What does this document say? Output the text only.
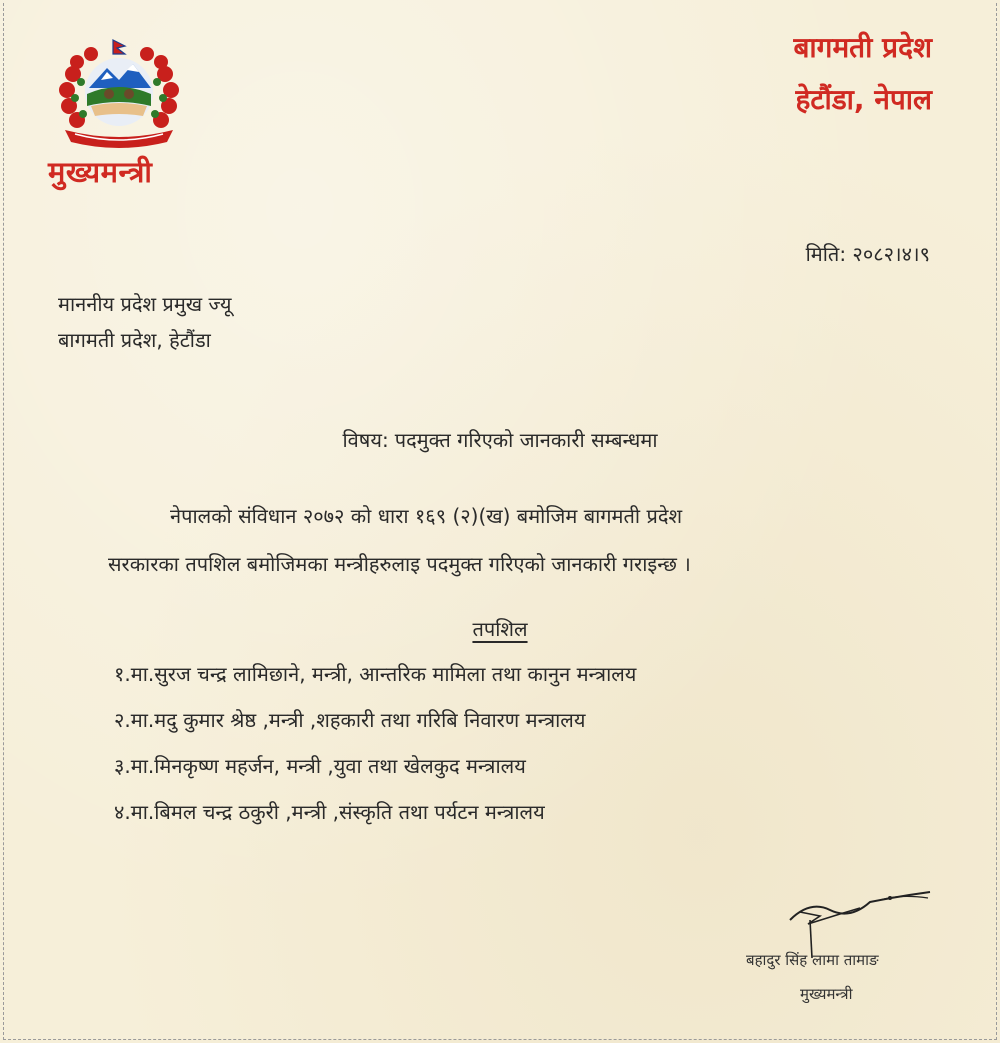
मुख्यमन्त्री
बागमती प्रदेश
हेटौंडा, नेपाल
मिति: २०८२।४।९
माननीय प्रदेश प्रमुख ज्यू
बागमती प्रदेश, हेटौंडा
विषय: पदमुक्त गरिएको जानकारी सम्बन्धमा

नेपालको संविधान २०७२ को धारा १६९ (२)(ख) बमोजिम बागमती प्रदेश

सरकारका तपशिल बमोजिमका मन्त्रीहरुलाइ पदमुक्त गरिएको जानकारी गराइन्छ ।

तपशिल
१.मा.सुरज चन्द्र लामिछाने, मन्त्री, आन्तरिक मामिला तथा कानुन मन्त्रालय
२.मा.मदु कुमार श्रेष्ठ ,मन्त्री ,शहकारी तथा गरिबि निवारण मन्त्रालय
३.मा.मिनकृष्ण महर्जन, मन्त्री ,युवा तथा खेलकुद मन्त्रालय
४.मा.बिमल चन्द्र ठकुरी ,मन्त्री ,संस्कृति तथा पर्यटन मन्त्रालय
बहादुर सिंह लामा तामाङ
मुख्यमन्त्री
